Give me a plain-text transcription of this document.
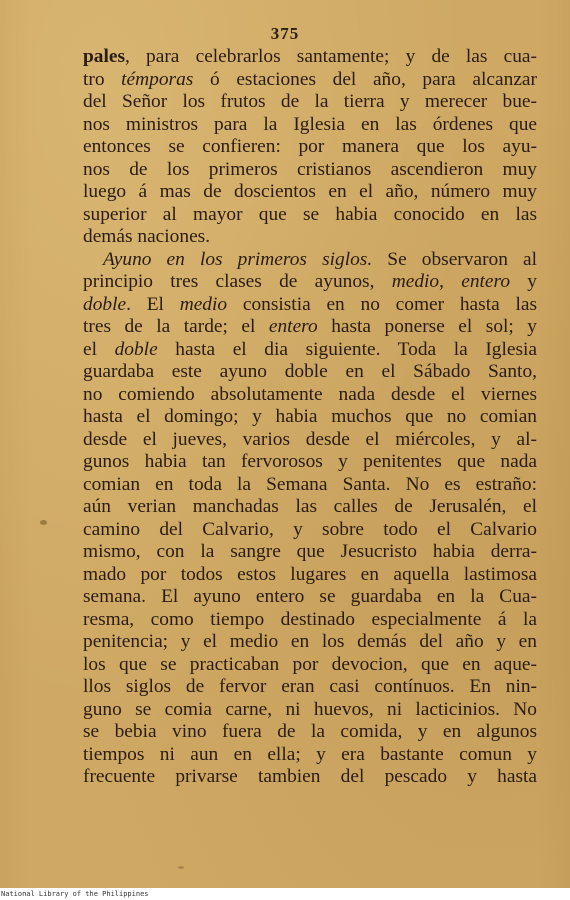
375

pales, para celebrarlos santamente; y de las cua-
tro témporas ó estaciones del año, para alcanzar
del Señor los frutos de la tierra y merecer bue-
nos ministros para la Iglesia en las órdenes que
entonces se confieren: por manera que los ayu-
nos de los primeros cristianos ascendieron muy
luego á mas de doscientos en el año, número muy
superior al mayor que se habia conocido en las
demás naciones.
Ayuno en los primeros siglos. Se observaron al
principio tres clases de ayunos, medio, entero y
doble. El medio consistia en no comer hasta las
tres de la tarde; el entero hasta ponerse el sol; y
el doble hasta el dia siguiente. Toda la Iglesia
guardaba este ayuno doble en el Sábado Santo,
no comiendo absolutamente nada desde el viernes
hasta el domingo; y habia muchos que no comian
desde el jueves, varios desde el miércoles, y al-
gunos habia tan fervorosos y penitentes que nada
comian en toda la Semana Santa. No es estraño:
aún verian manchadas las calles de Jerusalén, el
camino del Calvario, y sobre todo el Calvario
mismo, con la sangre que Jesucristo habia derra-
mado por todos estos lugares en aquella lastimosa
semana. El ayuno entero se guardaba en la Cua-
resma, como tiempo destinado especialmente á la
penitencia; y el medio en los demás del año y en
los que se practicaban por devocion, que en aque-
llos siglos de fervor eran casi contínuos. En nin-
guno se comia carne, ni huevos, ni lacticinios. No
se bebia vino fuera de la comida, y en algunos
tiempos ni aun en ella; y era bastante comun y
frecuente privarse tambien del pescado y hasta

National Library of the Philippines
